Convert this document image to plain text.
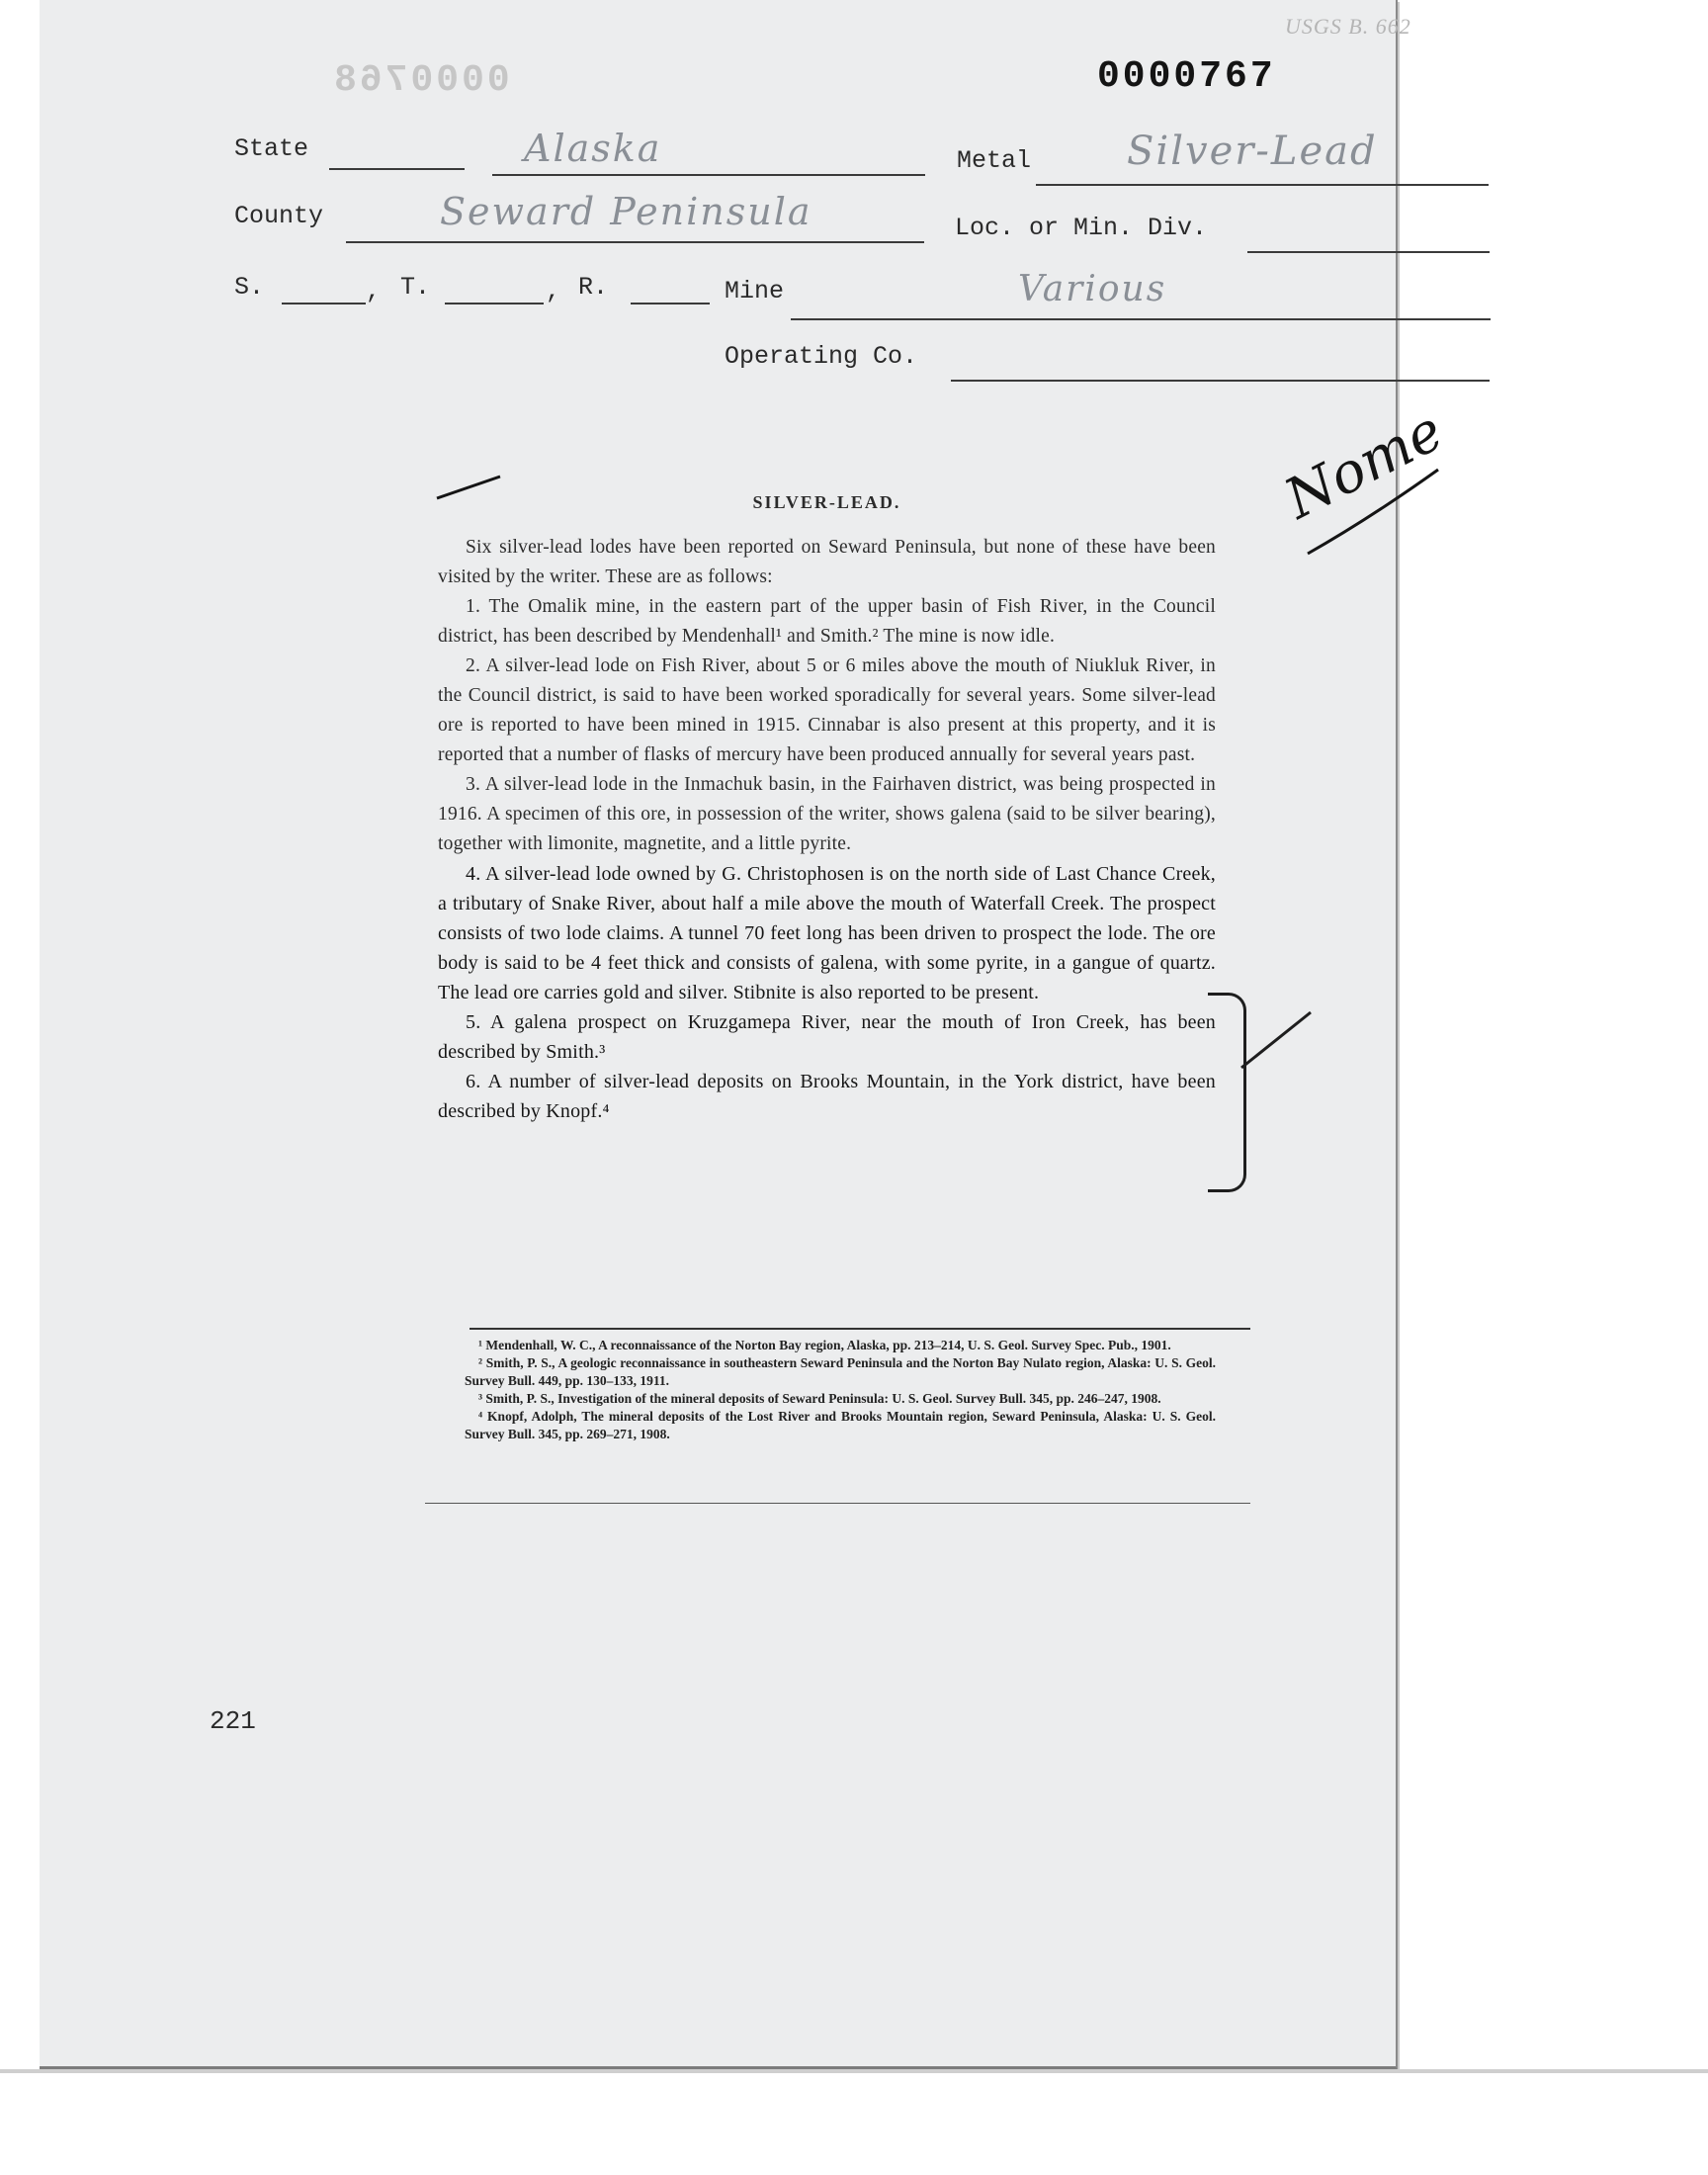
0000768	0000767
USGS B. 662
State	Alaska	Metal Silver-Lead
County	Seward Peninsula	Loc. or Min. Div.
S.	, T.	, R.	Mine	Various
Operating Co.
Nome

SILVER-LEAD.

Six silver-lead lodes have been reported on Seward Peninsula, but none of these have been visited by the writer. These are as follows:

1. The Omalik mine, in the eastern part of the upper basin of Fish River, in the Council district, has been described by Mendenhall¹ and Smith.² The mine is now idle.

2. A silver-lead lode on Fish River, about 5 or 6 miles above the mouth of Niukluk River, in the Council district, is said to have been worked sporadically for several years. Some silver-lead ore is reported to have been mined in 1915. Cinnabar is also present at this property, and it is reported that a number of flasks of mercury have been produced annually for several years past.

3. A silver-lead lode in the Inmachuk basin, in the Fairhaven district, was being prospected in 1916. A specimen of this ore, in possession of the writer, shows galena (said to be silver bearing), together with limonite, magnetite, and a little pyrite.

4. A silver-lead lode owned by G. Christophosen is on the north side of Last Chance Creek, a tributary of Snake River, about half a mile above the mouth of Waterfall Creek. The prospect consists of two lode claims. A tunnel 70 feet long has been driven to prospect the lode. The ore body is said to be 4 feet thick and consists of galena, with some pyrite, in a gangue of quartz. The lead ore carries gold and silver. Stibnite is also reported to be present.

5. A galena prospect on Kruzgamepa River, near the mouth of Iron Creek, has been described by Smith.³

6. A number of silver-lead deposits on Brooks Mountain, in the York district, have been described by Knopf.⁴

¹ Mendenhall, W. C., A reconnaissance of the Norton Bay region, Alaska, pp. 213–214, U. S. Geol. Survey Spec. Pub., 1901.

² Smith, P. S., A geologic reconnaissance in southeastern Seward Peninsula and the Norton Bay Nulato region, Alaska: U. S. Geol. Survey Bull. 449, pp. 130–133, 1911.

³ Smith, P. S., Investigation of the mineral deposits of Seward Peninsula: U. S. Geol. Survey Bull. 345, pp. 246–247, 1908.

⁴ Knopf, Adolph, The mineral deposits of the Lost River and Brooks Mountain region, Seward Peninsula, Alaska: U. S. Geol. Survey Bull. 345, pp. 269–271, 1908.

221
